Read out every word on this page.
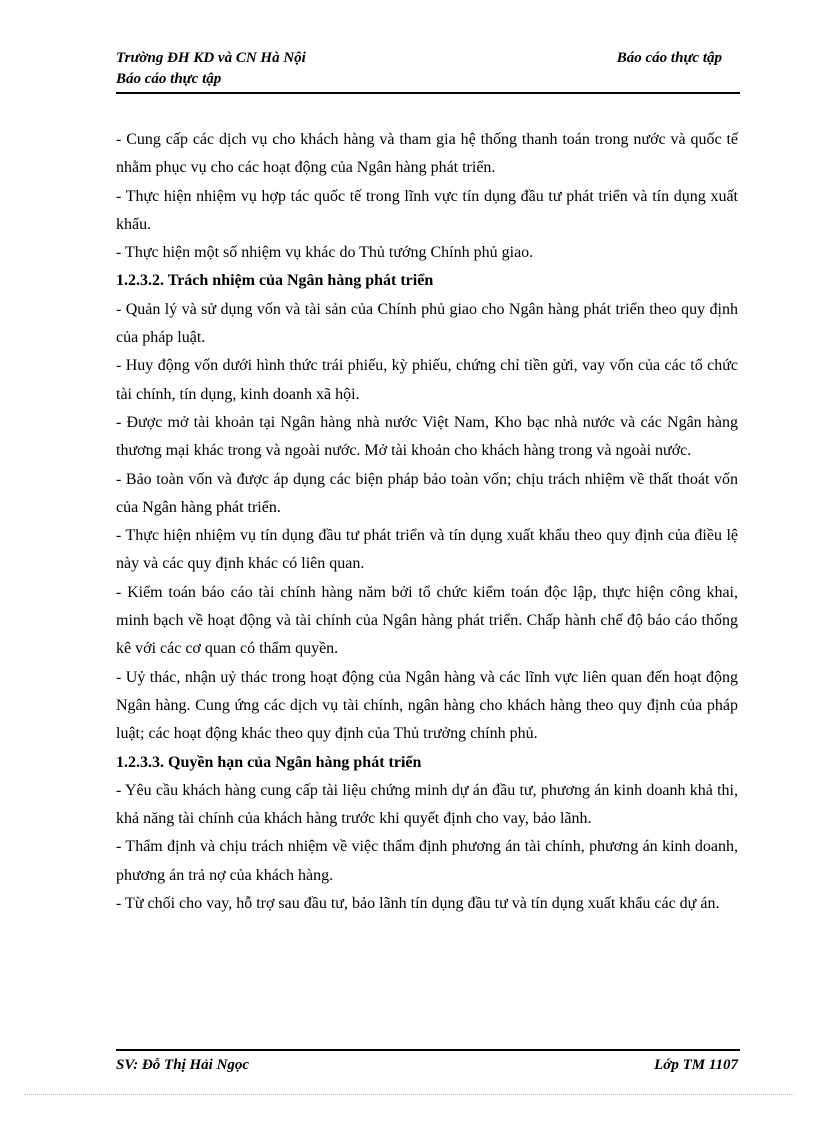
Trường ĐH KD và CN Hà Nội	Báo cáo thực tập
Báo cáo thực tập

- Cung cấp các dịch vụ cho khách hàng và tham gia hệ thống thanh toán trong nước và quốc tế nhằm phục vụ cho các hoạt động của Ngân hàng phát triển.

- Thực hiện nhiệm vụ hợp tác quốc tế trong lĩnh vực tín dụng đầu tư phát triển và tín dụng xuất khẩu.

- Thực hiện một số nhiệm vụ khác do Thủ tướng Chính phủ giao.

1.2.3.2. Trách nhiệm của Ngân hàng phát triển

- Quản lý và sử dụng vốn và tài sản của Chính phủ giao cho Ngân hàng phát triển theo quy định của pháp luật.

- Huy động vốn dưới hình thức trái phiếu, kỳ phiếu, chứng chỉ tiền gửi, vay vốn của các tổ chức tài chính, tín dụng, kinh doanh xã hội.

- Được mở tài khoản tại Ngân hàng nhà nước Việt Nam, Kho bạc nhà nước và các Ngân hàng thương mại khác trong và ngoài nước. Mở tài khoản cho khách hàng trong và ngoài nước.

- Bảo toàn vốn và được áp dụng các biện pháp bảo toàn vốn; chịu trách nhiệm về thất thoát vốn của Ngân hàng phát triển.

- Thực hiện nhiệm vụ tín dụng đầu tư phát triển và tín dụng xuất khẩu theo quy định của điều lệ này và các quy định khác có liên quan.

- Kiểm toán báo cáo tài chính hàng năm bởi tổ chức kiểm toán độc lập, thực hiện công khai, minh bạch về hoạt động và tài chính của Ngân hàng phát triển. Chấp hành chế độ báo cáo thống kê với các cơ quan có thẩm quyền.

- Uỷ thác, nhận uỷ thác trong hoạt động của Ngân hàng và các lĩnh vực liên quan đến hoạt động Ngân hàng. Cung ứng các dịch vụ tài chính, ngân hàng cho khách hàng theo quy định của pháp luật; các hoạt động khác theo quy định của Thủ trưởng chính phủ.

1.2.3.3. Quyền hạn của Ngân hàng phát triển

- Yêu cầu khách hàng cung cấp tài liệu chứng minh dự án đầu tư, phương án kinh doanh khả thi, khả năng tài chính của khách hàng trước khi quyết định cho vay, bảo lãnh.

- Thẩm định và chịu trách nhiệm về việc thẩm định phương án tài chính, phương án kinh doanh, phương án trả nợ của khách hàng.

- Từ chối cho vay, hỗ trợ sau đầu tư, bảo lãnh tín dụng đầu tư và tín dụng xuất khẩu các dự án.

SV: Đỗ Thị Hải Ngọc	Lớp TM 1107
